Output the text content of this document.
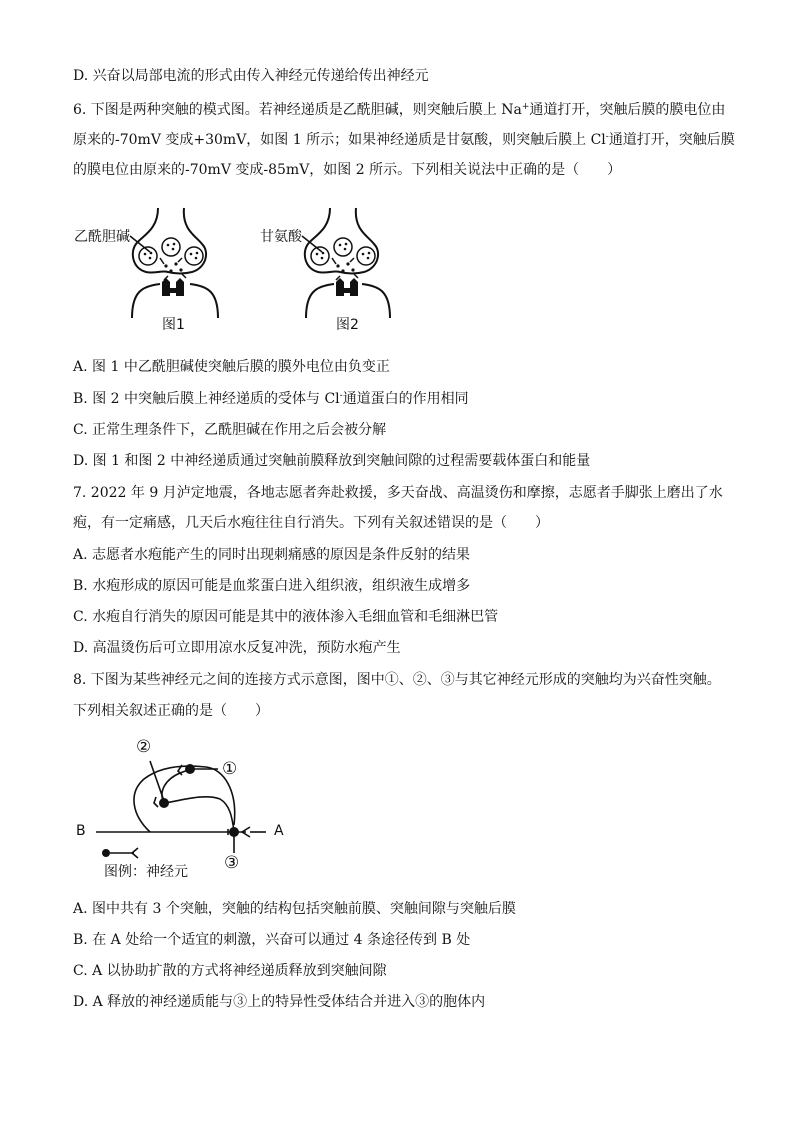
D. 兴奋以局部电流的形式由传入神经元传递给传出神经元
6. 下图是两种突触的模式图。若神经递质是乙酰胆碱，则突触后膜上 Na+通道打开，突触后膜的膜电位由
原来的-70mV 变成+30mV，如图 1 所示；如果神经递质是甘氨酸，则突触后膜上 Cl-通道打开，突触后膜
的膜电位由原来的-70mV 变成-85mV，如图 2 所示。下列相关说法中正确的是（　　）
乙酰胆碱
图1
甘氨酸
图2
A. 图 1 中乙酰胆碱使突触后膜的膜外电位由负变正
B. 图 2 中突触后膜上神经递质的受体与 Cl-通道蛋白的作用相同
C. 正常生理条件下，乙酰胆碱在作用之后会被分解
D. 图 1 和图 2 中神经递质通过突触前膜释放到突触间隙的过程需要载体蛋白和能量
7. 2022 年 9 月泸定地震，各地志愿者奔赴救援，多天奋战、高温烫伤和摩擦，志愿者手脚张上磨出了水
疱，有一定痛感，几天后水疱往往自行消失。下列有关叙述错误的是（　　）
A. 志愿者水疱能产生的同时出现刺痛感的原因是条件反射的结果
B. 水疱形成的原因可能是血浆蛋白进入组织液，组织液生成增多
C. 水疱自行消失的原因可能是其中的液体渗入毛细血管和毛细淋巴管
D. 高温烫伤后可立即用凉水反复冲洗，预防水疱产生
8. 下图为某些神经元之间的连接方式示意图，图中①、②、③与其它神经元形成的突触均为兴奋性突触。
下列相关叙述正确的是（　　）
②
①
③
A
B
图例：神经元
A. 图中共有 3 个突触，突触的结构包括突触前膜、突触间隙与突触后膜
B. 在 A 处给一个适宜的刺激，兴奋可以通过 4 条途径传到 B 处
C. A 以协助扩散的方式将神经递质释放到突触间隙
D. A 释放的神经递质能与③上的特异性受体结合并进入③的胞体内
